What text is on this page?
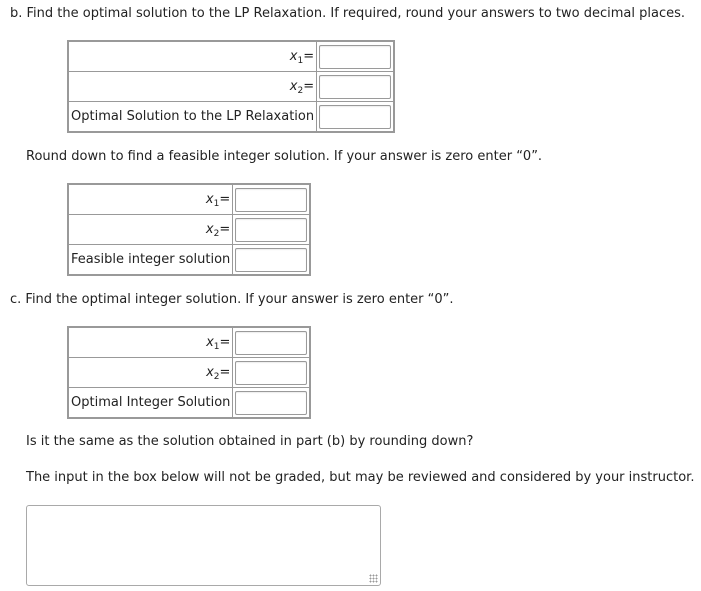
b. Find the optimal solution to the LP Relaxation. If required, round your answers to two decimal places.
$x_1=$	

$x_2=$	

Optimal Solution to the LP Relaxation	
Round down to find a feasible integer solution. If your answer is zero enter “0”.
$x_1=$	

$x_2=$	

Feasible integer solution	
c. Find the optimal integer solution. If your answer is zero enter “0”.
$x_1=$	

$x_2=$	

Optimal Integer Solution	
Is it the same as the solution obtained in part (b) by rounding down?
The input in the box below will not be graded, but may be reviewed and considered by your instructor.
